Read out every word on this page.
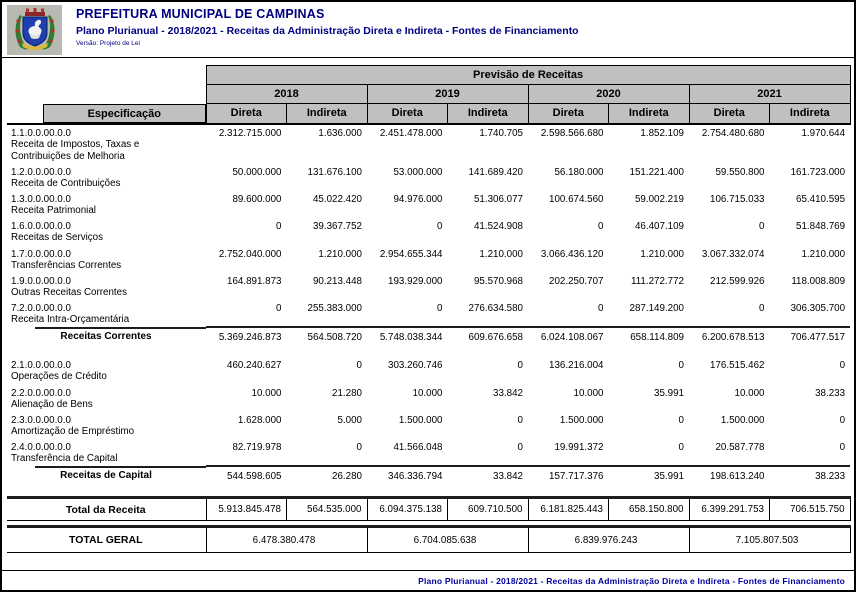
PREFEITURA MUNICIPAL DE CAMPINAS
Plano Plurianual - 2018/2021 - Receitas da Administração Direta e Indireta - Fontes de Financiamento
Versão: Projeto de Lei
	Previsão de Receitas							
	2018		2019		2020		2021	

Especificação	Direta	Indireta	Direta	Indireta	Direta	Indireta	Direta	Indireta
1.1.0.0.00.0.0Receita de Impostos, Taxas e Contribuições de Melhoria	2.312.715.000	1.636.000	2.451.478.000	1.740.705	2.598.566.680	1.852.109	2.754.480.680	1.970.644
1.2.0.0.00.0.0Receita de Contribuições	50.000.000	131.676.100	53.000.000	141.689.420	56.180.000	151.221.400	59.550.800	161.723.000
1.3.0.0.00.0.0Receita Patrimonial	89.600.000	45.022.420	94.976.000	51.306.077	100.674.560	59.002.219	106.715.033	65.410.595
1.6.0.0.00.0.0Receitas de Serviços	0	39.367.752	0	41.524.908	0	46.407.109	0	51.848.769
1.7.0.0.00.0.0Transferências Correntes	2.752.040.000	1.210.000	2.954.655.344	1.210.000	3.066.436.120	1.210.000	3.067.332.074	1.210.000
1.9.0.0.00.0.0Outras Receitas Correntes	164.891.873	90.213.448	193.929.000	95.570.968	202.250.707	111.272.772	212.599.926	118.008.809
7.2.0.0.00.0.0Receita Intra-Orçamentária	0	255.383.000	0	276.634.580	0	287.149.200	0	306.305.700
Receitas Correntes	5.369.246.873	564.508.720	5.748.038.344	609.676.658	6.024.108.067	658.114.809	6.200.678.513	706.477.517

2.1.0.0.00.0.0Operações de Crédito	460.240.627	0	303.260.746	0	136.216.004	0	176.515.462	0
2.2.0.0.00.0.0Alienação de Bens	10.000	21.280	10.000	33.842	10.000	35.991	10.000	38.233
2.3.0.0.00.0.0Amortização de Empréstimo	1.628.000	5.000	1.500.000	0	1.500.000	0	1.500.000	0
2.4.0.0.00.0.0Transferência de Capital	82.719.978	0	41.566.048	0	19.991.372	0	20.587.778	0
Receitas de Capital	544.598.605	26.280	346.336.794	33.842	157.717.376	35.991	198.613.240	38.233

Total da Receita	5.913.845.478	564.535.000	6.094.375.138	609.710.500	6.181.825.443	658.150.800	6.399.291.753	706.515.750

TOTAL GERAL	6.478.380.478		6.704.085.638		6.839.976.243		7.105.807.503	
Plano Plurianual - 2018/2021 - Receitas da Administração Direta e Indireta - Fontes de Financiamento
